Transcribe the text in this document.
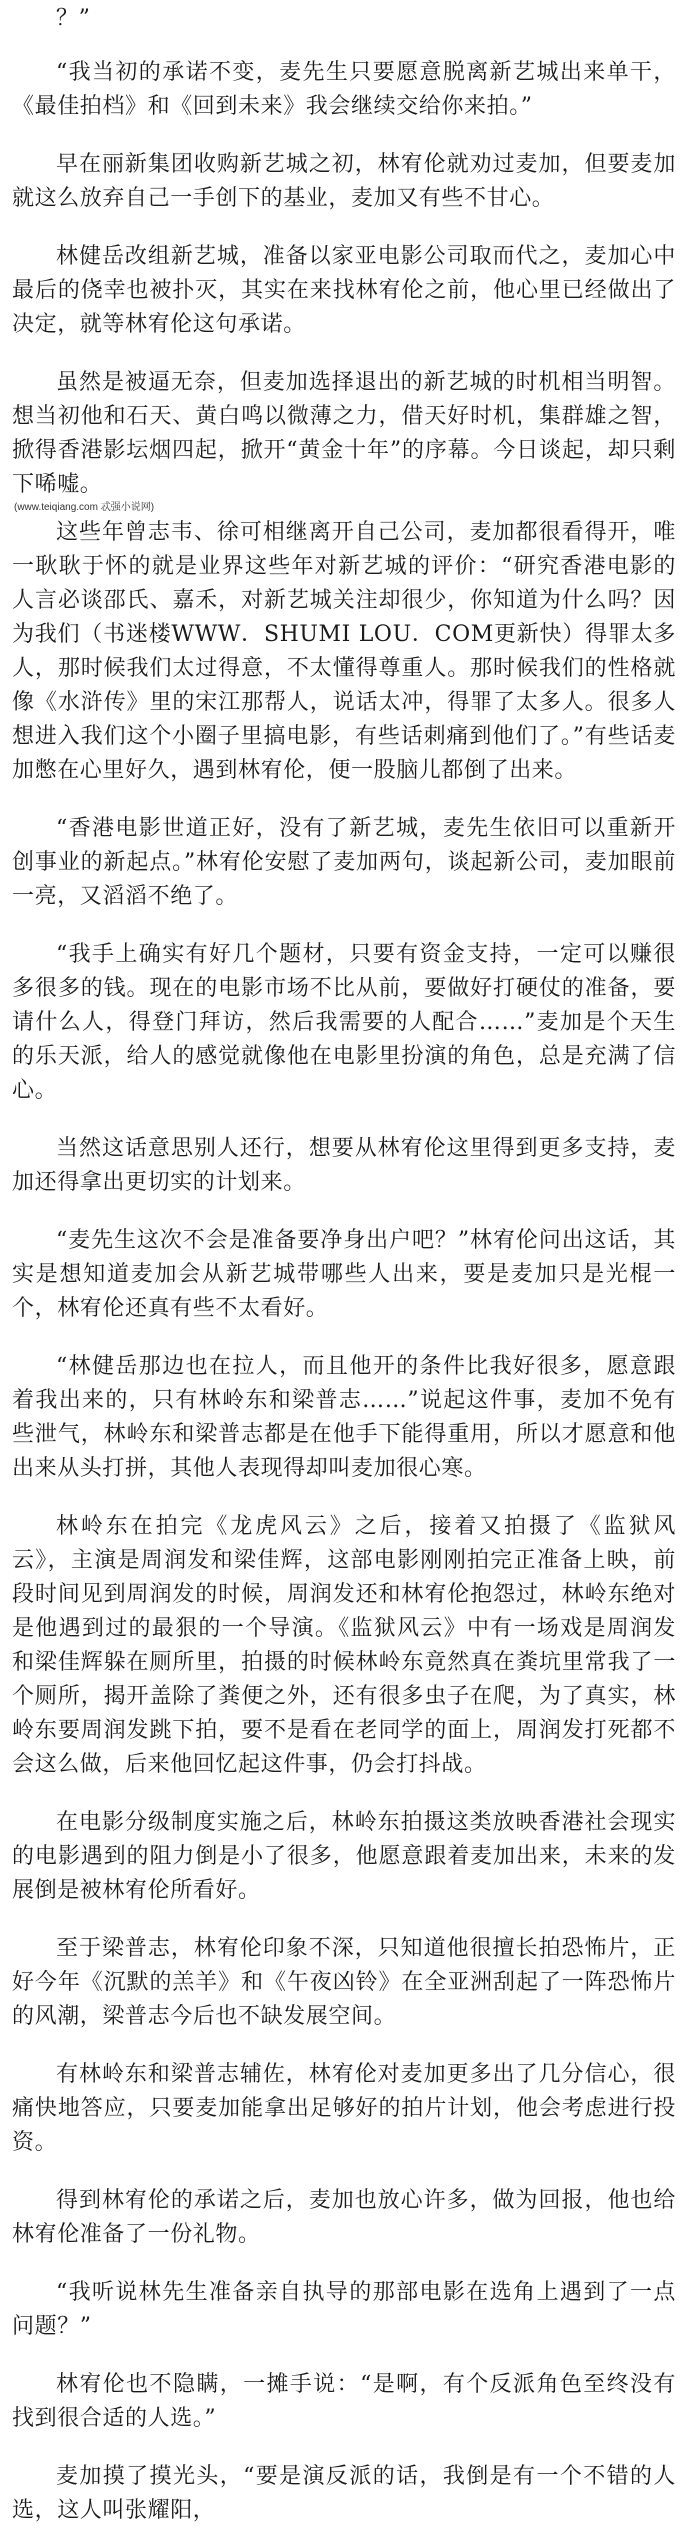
？”

“我当初的承诺不变，麦先生只要愿意脱离新艺城出来单干，《最佳拍档》和《回到未来》我会继续交给你来拍。”

早在丽新集团收购新艺城之初，林宥伦就劝过麦加，但要麦加就这么放弃自己一手创下的基业，麦加又有些不甘心。

林健岳改组新艺城，准备以家亚电影公司取而代之，麦加心中最后的侥幸也被扑灭，其实在来找林宥伦之前，他心里已经做出了决定，就等林宥伦这句承诺。

虽然是被逼无奈，但麦加选择退出的新艺城的时机相当明智。想当初他和石天、黄白鸣以微薄之力，借天好时机，集群雄之智，掀得香港影坛烟四起，掀开“黄金十年”的序幕。今日谈起，却只剩下唏嘘。

(www.teiqiang.com 忒强小说网)

这些年曾志韦、徐可相继离开自己公司，麦加都很看得开，唯一耿耿于怀的就是业界这些年对新艺城的评价：“研究香港电影的人言必谈邵氏、嘉禾，对新艺城关注却很少，你知道为什么吗？因为我们（书迷楼WWW．SHUMI LOU．COM更新快）得罪太多人，那时候我们太过得意，不太懂得尊重人。那时候我们的性格就像《水浒传》里的宋江那帮人，说话太冲，得罪了太多人。很多人想进入我们这个小圈子里搞电影，有些话刺痛到他们了。”有些话麦加憋在心里好久，遇到林宥伦，便一股脑儿都倒了出来。

“香港电影世道正好，没有了新艺城，麦先生依旧可以重新开创事业的新起点。”林宥伦安慰了麦加两句，谈起新公司，麦加眼前一亮，又滔滔不绝了。

“我手上确实有好几个题材，只要有资金支持，一定可以赚很多很多的钱。现在的电影市场不比从前，要做好打硬仗的准备，要请什么人，得登门拜访，然后我需要的人配合……”麦加是个天生的乐天派，给人的感觉就像他在电影里扮演的角色，总是充满了信心。

当然这话意思别人还行，想要从林宥伦这里得到更多支持，麦加还得拿出更切实的计划来。

“麦先生这次不会是准备要净身出户吧？”林宥伦问出这话，其实是想知道麦加会从新艺城带哪些人出来，要是麦加只是光棍一个，林宥伦还真有些不太看好。

“林健岳那边也在拉人，而且他开的条件比我好很多，愿意跟着我出来的，只有林岭东和梁普志……”说起这件事，麦加不免有些泄气，林岭东和梁普志都是在他手下能得重用，所以才愿意和他出来从头打拼，其他人表现得却叫麦加很心寒。

林岭东在拍完《龙虎风云》之后，接着又拍摄了《监狱风云》，主演是周润发和梁佳辉，这部电影刚刚拍完正准备上映，前段时间见到周润发的时候，周润发还和林宥伦抱怨过，林岭东绝对是他遇到过的最狠的一个导演。《监狱风云》中有一场戏是周润发和梁佳辉躲在厕所里，拍摄的时候林岭东竟然真在粪坑里常我了一个厕所，揭开盖除了粪便之外，还有很多虫子在爬，为了真实，林岭东要周润发跳下拍，要不是看在老同学的面上，周润发打死都不会这么做，后来他回忆起这件事，仍会打抖战。

在电影分级制度实施之后，林岭东拍摄这类放映香港社会现实的电影遇到的阻力倒是小了很多，他愿意跟着麦加出来，未来的发展倒是被林宥伦所看好。

至于梁普志，林宥伦印象不深，只知道他很擅长拍恐怖片，正好今年《沉默的羔羊》和《午夜凶铃》在全亚洲刮起了一阵恐怖片的风潮，梁普志今后也不缺发展空间。

有林岭东和梁普志辅佐，林宥伦对麦加更多出了几分信心，很痛快地答应，只要麦加能拿出足够好的拍片计划，他会考虑进行投资。

得到林宥伦的承诺之后，麦加也放心许多，做为回报，他也给林宥伦准备了一份礼物。

“我听说林先生准备亲自执导的那部电影在选角上遇到了一点问题？”

林宥伦也不隐瞒，一摊手说：“是啊，有个反派角色至终没有找到很合适的人选。”

麦加摸了摸光头，“要是演反派的话，我倒是有一个不错的人选，这人叫张耀阳，
